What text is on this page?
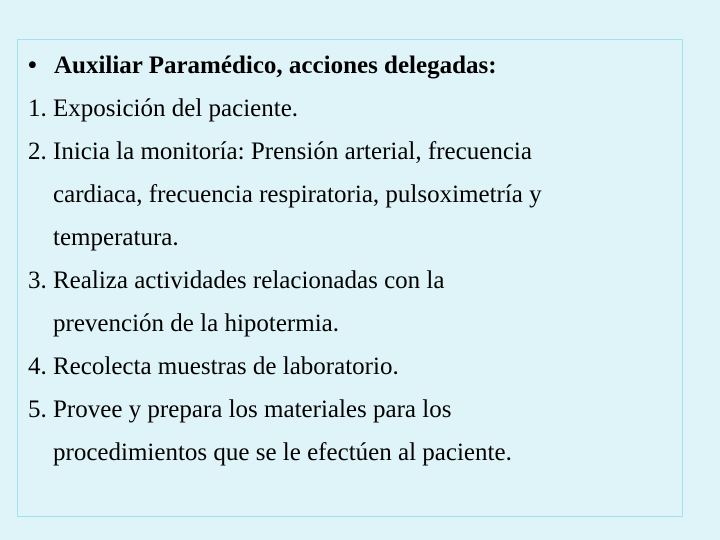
• Auxiliar Paramédico, acciones delegadas:
1. Exposición del paciente.
2. Inicia la monitoría: Prensión arterial, frecuencia
cardiaca, frecuencia respiratoria, pulsoximetría y
temperatura.
3. Realiza actividades relacionadas con la
prevención de la hipotermia.
4. Recolecta muestras de laboratorio.
5. Provee y prepara los materiales para los
procedimientos que se le efectúen al paciente.
